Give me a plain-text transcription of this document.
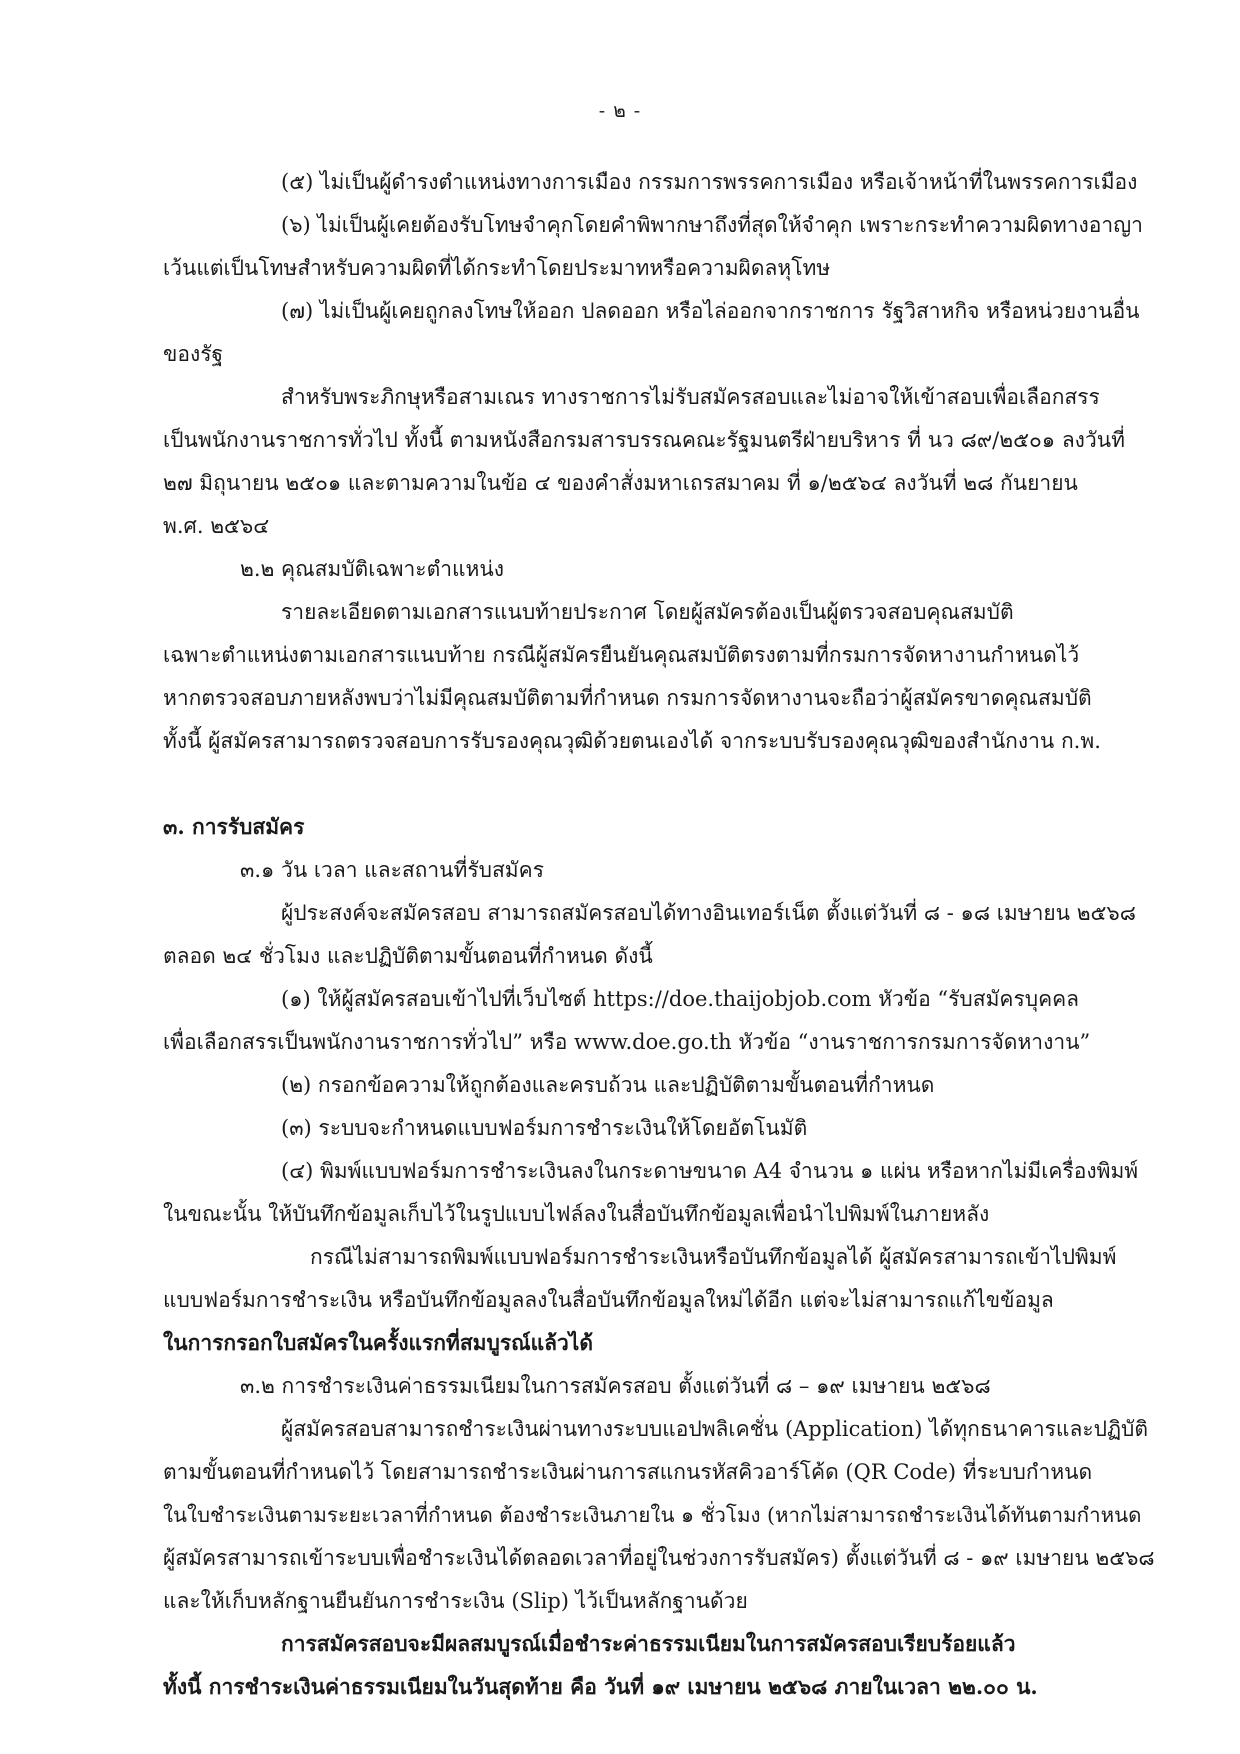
- ๒ -
(๕) ไม่เป็นผู้ดำรงตำแหน่งทางการเมือง กรรมการพรรคการเมือง หรือเจ้าหน้าที่ในพรรคการเมือง
(๖) ไม่เป็นผู้เคยต้องรับโทษจำคุกโดยคำพิพากษาถึงที่สุดให้จำคุก เพราะกระทำความผิดทางอาญา
เว้นแต่เป็นโทษสำหรับความผิดที่ได้กระทำโดยประมาทหรือความผิดลหุโทษ
(๗) ไม่เป็นผู้เคยถูกลงโทษให้ออก ปลดออก หรือไล่ออกจากราชการ รัฐวิสาหกิจ หรือหน่วยงานอื่น
ของรัฐ
สำหรับพระภิกษุหรือสามเณร ทางราชการไม่รับสมัครสอบและไม่อาจให้เข้าสอบเพื่อเลือกสรร
เป็นพนักงานราชการทั่วไป ทั้งนี้ ตามหนังสือกรมสารบรรณคณะรัฐมนตรีฝ่ายบริหาร ที่ นว ๘๙/๒๕๐๑ ลงวันที่
๒๗ มิถุนายน ๒๕๐๑ และตามความในข้อ ๔ ของคำสั่งมหาเถรสมาคม ที่ ๑/๒๕๖๔ ลงวันที่ ๒๘ กันยายน
พ.ศ. ๒๕๖๔
๒.๒ คุณสมบัติเฉพาะตำแหน่ง
รายละเอียดตามเอกสารแนบท้ายประกาศ โดยผู้สมัครต้องเป็นผู้ตรวจสอบคุณสมบัติ
เฉพาะตำแหน่งตามเอกสารแนบท้าย กรณีผู้สมัครยืนยันคุณสมบัติตรงตามที่กรมการจัดหางานกำหนดไว้
หากตรวจสอบภายหลังพบว่าไม่มีคุณสมบัติตามที่กำหนด กรมการจัดหางานจะถือว่าผู้สมัครขาดคุณสมบัติ
ทั้งนี้ ผู้สมัครสามารถตรวจสอบการรับรองคุณวุฒิด้วยตนเองได้ จากระบบรับรองคุณวุฒิของสำนักงาน ก.พ.
๓. การรับสมัคร
๓.๑ วัน เวลา และสถานที่รับสมัคร
ผู้ประสงค์จะสมัครสอบ สามารถสมัครสอบได้ทางอินเทอร์เน็ต ตั้งแต่วันที่ ๘ - ๑๘ เมษายน ๒๕๖๘
ตลอด ๒๔ ชั่วโมง และปฏิบัติตามขั้นตอนที่กำหนด ดังนี้
(๑) ให้ผู้สมัครสอบเข้าไปที่เว็บไซต์ https://doe.thaijobjob.com หัวข้อ “รับสมัครบุคคล
เพื่อเลือกสรรเป็นพนักงานราชการทั่วไป” หรือ www.doe.go.th หัวข้อ “งานราชการกรมการจัดหางาน”
(๒) กรอกข้อความให้ถูกต้องและครบถ้วน และปฏิบัติตามขั้นตอนที่กำหนด
(๓) ระบบจะกำหนดแบบฟอร์มการชำระเงินให้โดยอัตโนมัติ
(๔) พิมพ์แบบฟอร์มการชำระเงินลงในกระดาษขนาด A4 จำนวน ๑ แผ่น หรือหากไม่มีเครื่องพิมพ์
ในขณะนั้น ให้บันทึกข้อมูลเก็บไว้ในรูปแบบไฟล์ลงในสื่อบันทึกข้อมูลเพื่อนำไปพิมพ์ในภายหลัง
กรณีไม่สามารถพิมพ์แบบฟอร์มการชำระเงินหรือบันทึกข้อมูลได้ ผู้สมัครสามารถเข้าไปพิมพ์
แบบฟอร์มการชำระเงิน หรือบันทึกข้อมูลลงในสื่อบันทึกข้อมูลใหม่ได้อีก แต่จะไม่สามารถแก้ไขข้อมูล
ในการกรอกใบสมัครในครั้งแรกที่สมบูรณ์แล้วได้
๓.๒ การชำระเงินค่าธรรมเนียมในการสมัครสอบ ตั้งแต่วันที่ ๘ – ๑๙ เมษายน ๒๕๖๘
ผู้สมัครสอบสามารถชำระเงินผ่านทางระบบแอปพลิเคชั่น (Application) ได้ทุกธนาคารและปฏิบัติ
ตามขั้นตอนที่กำหนดไว้ โดยสามารถชำระเงินผ่านการสแกนรหัสคิวอาร์โค้ด (QR Code) ที่ระบบกำหนด
ในใบชำระเงินตามระยะเวลาที่กำหนด ต้องชำระเงินภายใน ๑ ชั่วโมง (หากไม่สามารถชำระเงินได้ทันตามกำหนด
ผู้สมัครสามารถเข้าระบบเพื่อชำระเงินได้ตลอดเวลาที่อยู่ในช่วงการรับสมัคร) ตั้งแต่วันที่ ๘ - ๑๙ เมษายน ๒๕๖๘
และให้เก็บหลักฐานยืนยันการชำระเงิน (Slip) ไว้เป็นหลักฐานด้วย
การสมัครสอบจะมีผลสมบูรณ์เมื่อชำระค่าธรรมเนียมในการสมัครสอบเรียบร้อยแล้ว
ทั้งนี้ การชำระเงินค่าธรรมเนียมในวันสุดท้าย คือ วันที่ ๑๙ เมษายน ๒๕๖๘ ภายในเวลา ๒๒.๐๐ น.
